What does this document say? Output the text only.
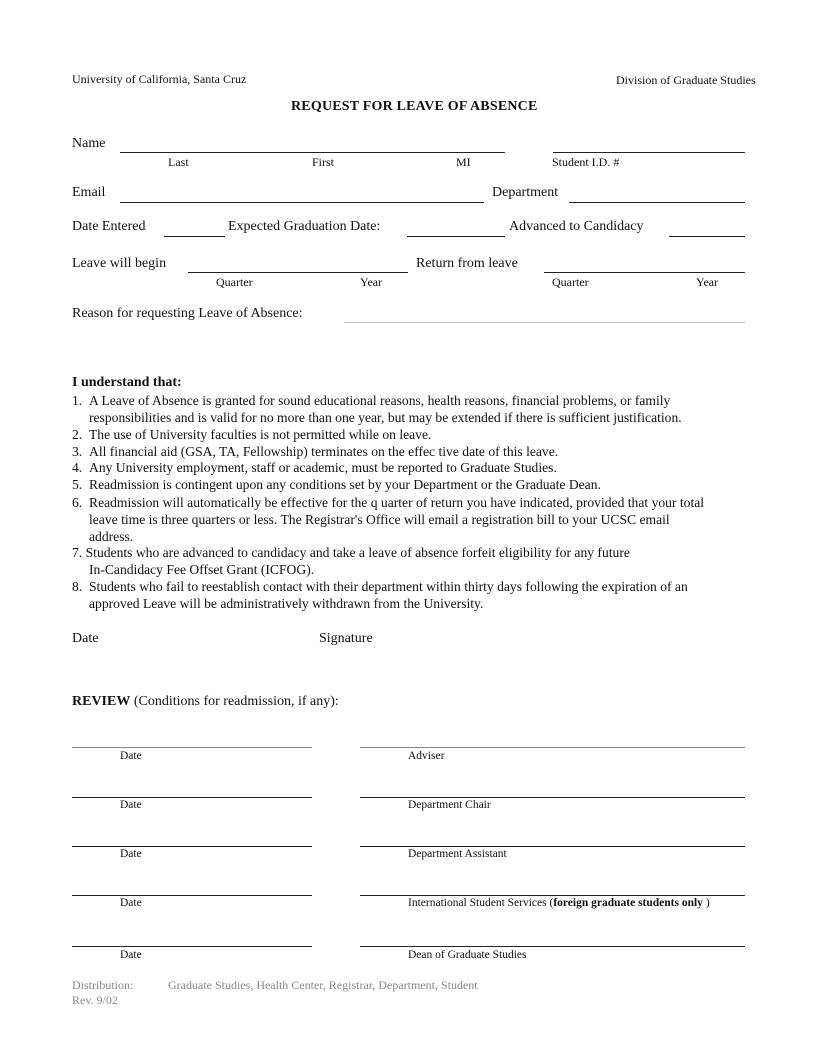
University of California, Santa Cruz	Division of Graduate Studies
REQUEST FOR LEAVE OF ABSENCE
Name
Last	First	MI	Student I.D. #
Email	Department
Date Entered	Expected Graduation Date:	Advanced to Candidacy
Leave will begin	Return from leave
Quarter	Year	Quarter	Year
Reason for requesting Leave of Absence:
I understand that:
1. A Leave of Absence is granted for sound educational reasons, health reasons, financial problems, or family
responsibilities and is valid for no more than one year, but may be extended if there is sufficient justification.
2. The use of University faculties is not permitted while on leave.
3. All financial aid (GSA, TA, Fellowship) terminates on the effec tive date of this leave.
4. Any University employment, staff or academic, must be reported to Graduate Studies.
5. Readmission is contingent upon any conditions set by your Department or the Graduate Dean.
6. Readmission will automatically be effective for the q uarter of return you have indicated, provided that your total
leave time is three quarters or less. The Registrar's Office will email a registration bill to your UCSC email
address.
7. Students who are advanced to candidacy and take a leave of absence forfeit eligibility for any future
In-Candidacy Fee Offset Grant (ICFOG).
8. Students who fail to reestablish contact with their department within thirty days following the expiration of an
approved Leave will be administratively withdrawn from the University.
Date	Signature
REVIEW (Conditions for readmission, if any):
Date	Adviser
Date	Department Chair
Date	Department Assistant
Date	International Student Services (foreign graduate students only )
Date	Dean of Graduate Studies
Distribution:	Graduate Studies, Health Center, Registrar, Department, Student
Rev. 9/02
